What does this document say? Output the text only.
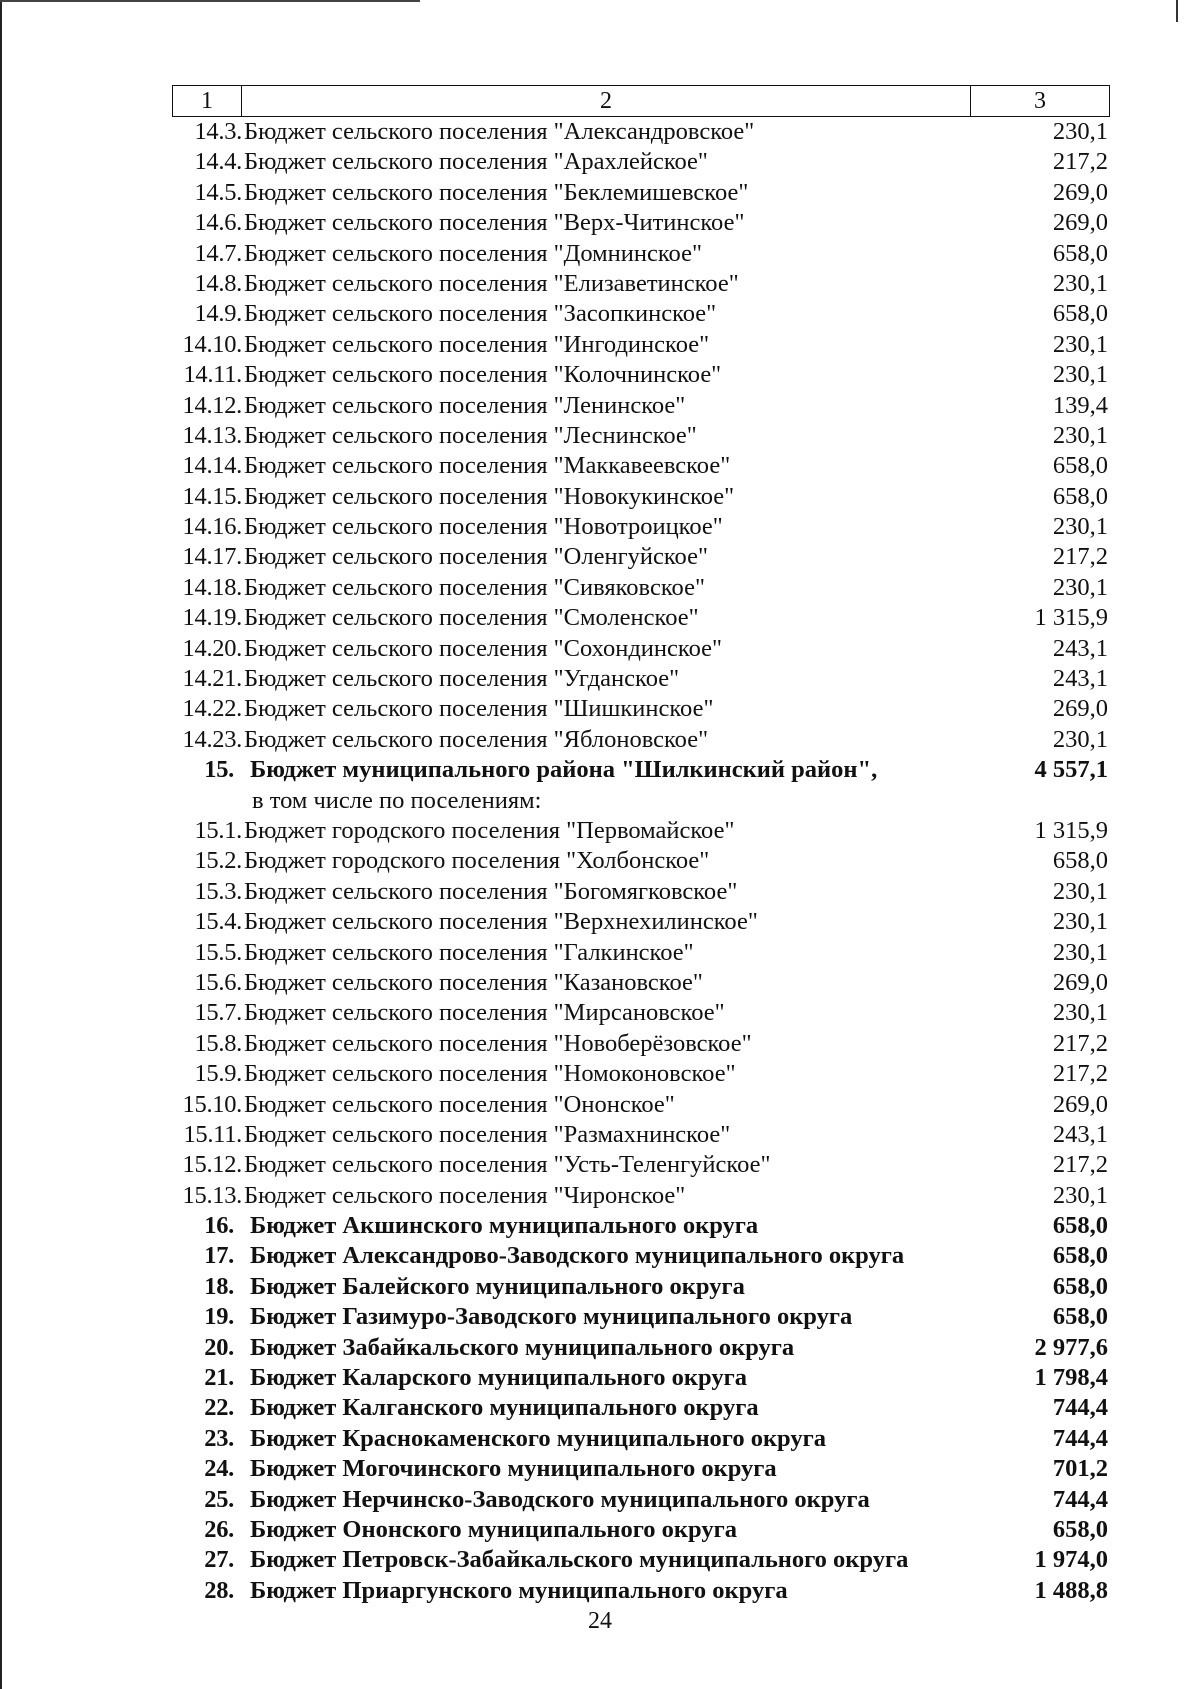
1	2	3
14.3. Бюджет сельского поселения "Александровское"	230,1
14.4. Бюджет сельского поселения "Арахлейское"	217,2
14.5. Бюджет сельского поселения "Беклемишевское"	269,0
14.6. Бюджет сельского поселения "Верх-Читинское"	269,0
14.7. Бюджет сельского поселения "Домнинское"	658,0
14.8. Бюджет сельского поселения "Елизаветинское"	230,1
14.9. Бюджет сельского поселения "Засопкинское"	658,0
14.10. Бюджет сельского поселения "Ингодинское"	230,1
14.11. Бюджет сельского поселения "Колочнинское"	230,1
14.12. Бюджет сельского поселения "Ленинское"	139,4
14.13. Бюджет сельского поселения "Леснинское"	230,1
14.14. Бюджет сельского поселения "Маккавеевское"	658,0
14.15. Бюджет сельского поселения "Новокукинское"	658,0
14.16. Бюджет сельского поселения "Новотроицкое"	230,1
14.17. Бюджет сельского поселения "Оленгуйское"	217,2
14.18. Бюджет сельского поселения "Сивяковское"	230,1
14.19. Бюджет сельского поселения "Смоленское"	1 315,9
14.20. Бюджет сельского поселения "Сохондинское"	243,1
14.21. Бюджет сельского поселения "Угданское"	243,1
14.22. Бюджет сельского поселения "Шишкинское"	269,0
14.23. Бюджет сельского поселения "Яблоновское"	230,1
15. Бюджет муниципального района "Шилкинский район",	4 557,1
в том числе по поселениям:
15.1. Бюджет городского поселения "Первомайское"	1 315,9
15.2. Бюджет городского поселения "Холбонское"	658,0
15.3. Бюджет сельского поселения "Богомягковское"	230,1
15.4. Бюджет сельского поселения "Верхнехилинское"	230,1
15.5. Бюджет сельского поселения "Галкинское"	230,1
15.6. Бюджет сельского поселения "Казановское"	269,0
15.7. Бюджет сельского поселения "Мирсановское"	230,1
15.8. Бюджет сельского поселения "Новоберёзовское"	217,2
15.9. Бюджет сельского поселения "Номоконовское"	217,2
15.10. Бюджет сельского поселения "Ононское"	269,0
15.11. Бюджет сельского поселения "Размахнинское"	243,1
15.12. Бюджет сельского поселения "Усть-Теленгуйское"	217,2
15.13. Бюджет сельского поселения "Чиронское"	230,1
16. Бюджет Акшинского муниципального округа	658,0
17. Бюджет Александрово-Заводского муниципального округа	658,0
18. Бюджет Балейского муниципального округа	658,0
19. Бюджет Газимуро-Заводского муниципального округа	658,0
20. Бюджет Забайкальского муниципального округа	2 977,6
21. Бюджет Каларского муниципального округа	1 798,4
22. Бюджет Калганского муниципального округа	744,4
23. Бюджет Краснокаменского муниципального округа	744,4
24. Бюджет Могочинского муниципального округа	701,2
25. Бюджет Нерчинско-Заводского муниципального округа	744,4
26. Бюджет Ононского муниципального округа	658,0
27. Бюджет Петровск-Забайкальского муниципального округа	1 974,0
28. Бюджет Приаргунского муниципального округа	1 488,8
24
